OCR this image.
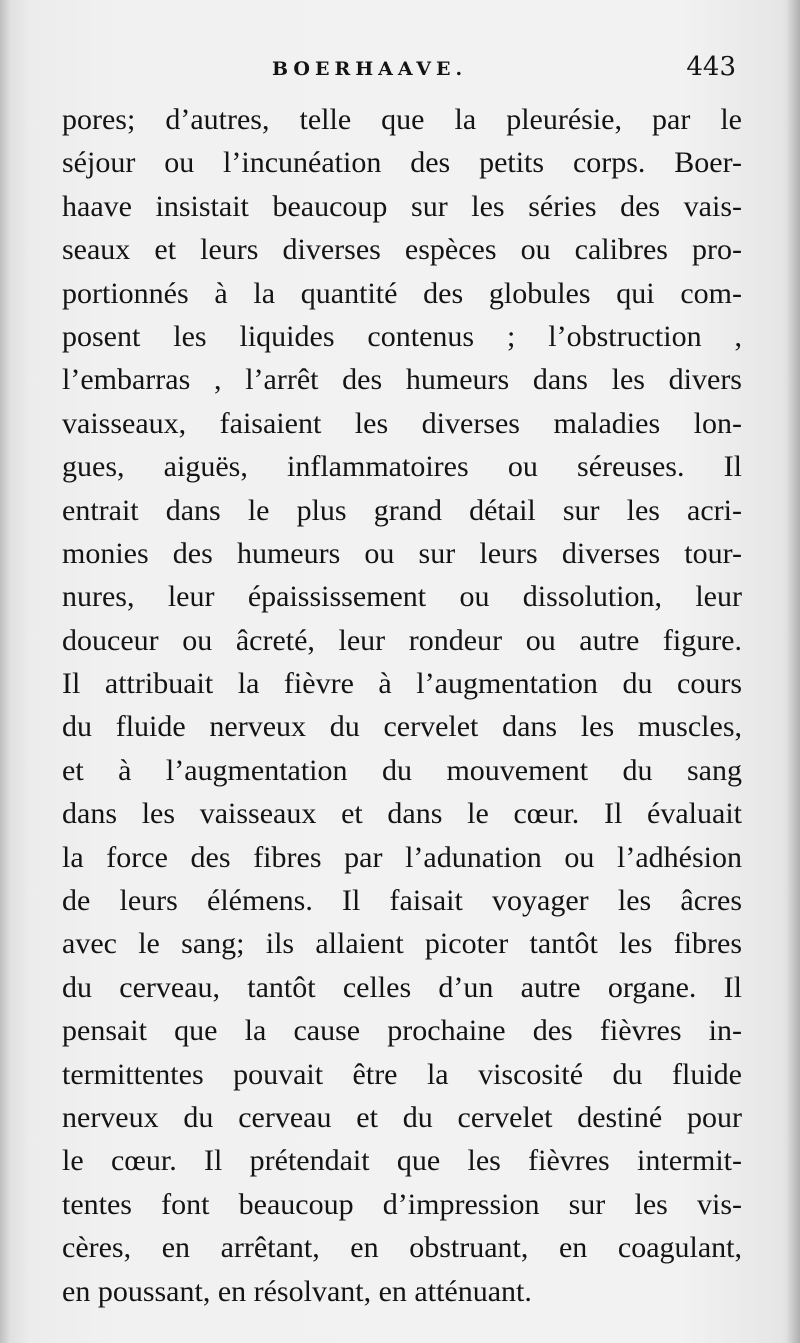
BOERHAAVE.	443
pores; d’autres, telle que la pleurésie, par le
séjour ou l’incunéation des petits corps. Boer-
haave insistait beaucoup sur les séries des vais-
seaux et leurs diverses espèces ou calibres pro-
portionnés à la quantité des globules qui com-
posent les liquides contenus ; l’obstruction ,
l’embarras , l’arrêt des humeurs dans les divers
vaisseaux, faisaient les diverses maladies lon-
gues, aiguës, inflammatoires ou séreuses. Il
entrait dans le plus grand détail sur les acri-
monies des humeurs ou sur leurs diverses tour-
nures, leur épaississement ou dissolution, leur
douceur ou âcreté, leur rondeur ou autre figure.
Il attribuait la fièvre à l’augmentation du cours
du fluide nerveux du cervelet dans les muscles,
et à l’augmentation du mouvement du sang
dans les vaisseaux et dans le cœur. Il évaluait
la force des fibres par l’adunation ou l’adhésion
de leurs élémens. Il faisait voyager les âcres
avec le sang; ils allaient picoter tantôt les fibres
du cerveau, tantôt celles d’un autre organe. Il
pensait que la cause prochaine des fièvres in-
termittentes pouvait être la viscosité du fluide
nerveux du cerveau et du cervelet destiné pour
le cœur. Il prétendait que les fièvres intermit-
tentes font beaucoup d’impression sur les vis-
cères, en arrêtant, en obstruant, en coagulant,
en poussant, en résolvant, en atténuant.
